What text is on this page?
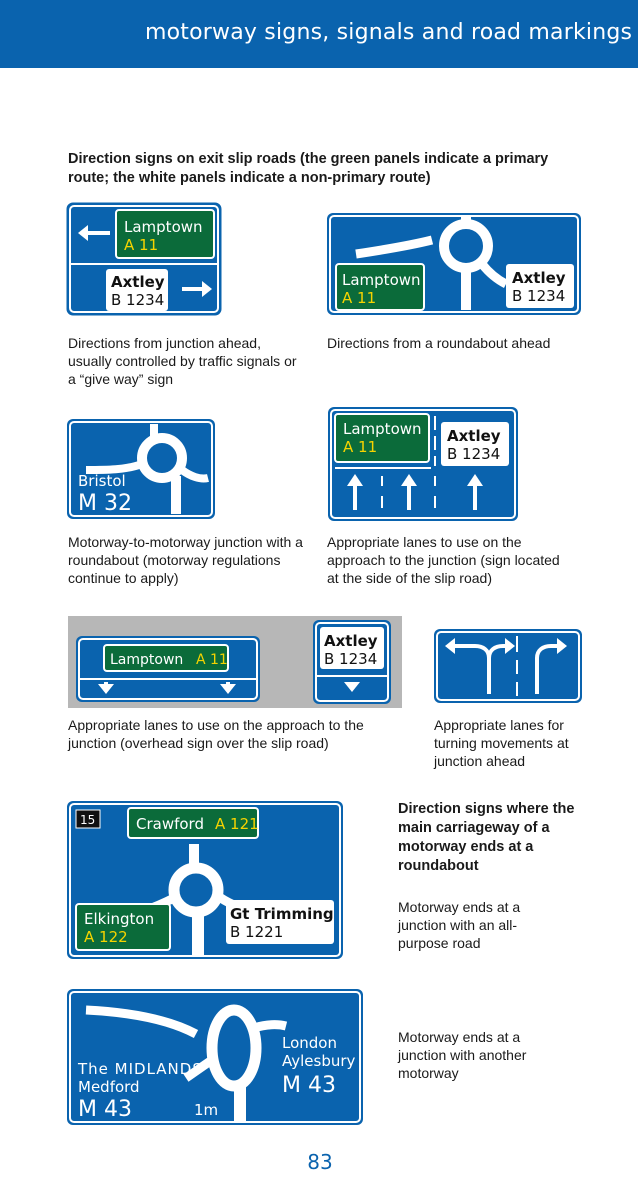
motorway signs, signals and road markings
Direction signs on exit slip roads (the green panels indicate a primary route; the white panels indicate a non-primary route)
Lamptown
A 11
Axtley
B 1234
Directions from junction ahead, usually controlled by traffic signals or a “give way” sign
Lamptown
A 11
Axtley
B 1234
Directions from a roundabout ahead
Bristol
M 32
Motorway-to-motorway junction with a roundabout (motorway regulations continue to apply)
Lamptown
A 11
Axtley
B 1234
Appropriate lanes to use on the approach to the junction (sign located at the side of the slip road)
Lamptown A 11
Axtley
B 1234
Appropriate lanes to use on the approach to the junction (overhead sign over the slip road)
Appropriate lanes for turning movements at junction ahead
15	Crawford A 121
Elkington
A 122
Gt Trimming
B 1221
Direction signs where the main carriageway of a motorway ends at a roundabout
Motorway ends at a junction with an all-purpose road
The MIDLANDS
Medford
M 43	1m
London
Aylesbury
M 43
Motorway ends at a junction with another motorway
83
